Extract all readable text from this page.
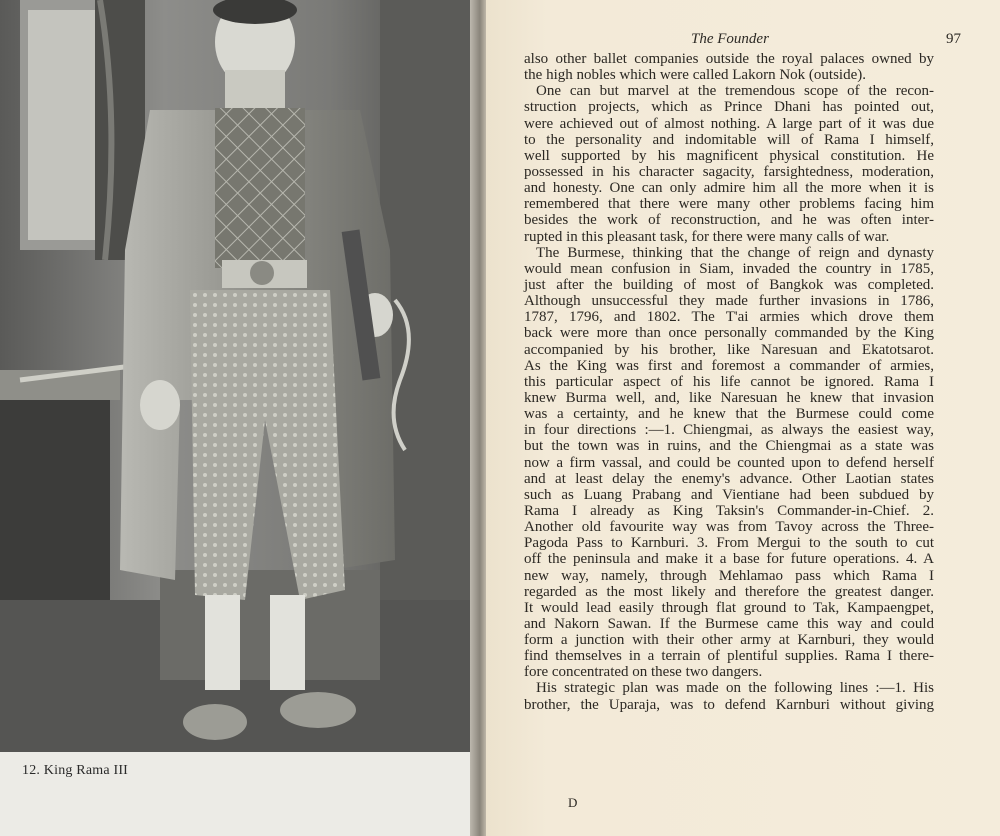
12. King Rama III
The Founder	97
also other ballet companies outside the royal palaces owned by
the high nobles which were called Lakorn Nok (outside).
One can but marvel at the tremendous scope of the recon-
struction projects, which as Prince Dhani has pointed out,
were achieved out of almost nothing. A large part of it was due
to the personality and indomitable will of Rama I himself,
well supported by his magnificent physical constitution. He
possessed in his character sagacity, farsightedness, moderation,
and honesty. One can only admire him all the more when it is
remembered that there were many other problems facing him
besides the work of reconstruction, and he was often inter-
rupted in this pleasant task, for there were many calls of war.
The Burmese, thinking that the change of reign and dynasty
would mean confusion in Siam, invaded the country in 1785,
just after the building of most of Bangkok was completed.
Although unsuccessful they made further invasions in 1786,
1787, 1796, and 1802. The T'ai armies which drove them
back were more than once personally commanded by the King
accompanied by his brother, like Naresuan and Ekatotsarot.
As the King was first and foremost a commander of armies,
this particular aspect of his life cannot be ignored. Rama I
knew Burma well, and, like Naresuan he knew that invasion
was a certainty, and he knew that the Burmese could come
in four directions :—1. Chiengmai, as always the easiest way,
but the town was in ruins, and the Chiengmai as a state was
now a firm vassal, and could be counted upon to defend herself
and at least delay the enemy's advance. Other Laotian states
such as Luang Prabang and Vientiane had been subdued by
Rama I already as King Taksin's Commander-in-Chief. 2.
Another old favourite way was from Tavoy across the Three-
Pagoda Pass to Karnburi. 3. From Mergui to the south to cut
off the peninsula and make it a base for future operations. 4. A
new way, namely, through Mehlamao pass which Rama I
regarded as the most likely and therefore the greatest danger.
It would lead easily through flat ground to Tak, Kampaengpet,
and Nakorn Sawan. If the Burmese came this way and could
form a junction with their other army at Karnburi, they would
find themselves in a terrain of plentiful supplies. Rama I there-
fore concentrated on these two dangers.
His strategic plan was made on the following lines :—1. His
brother, the Uparaja, was to defend Karnburi without giving
D
